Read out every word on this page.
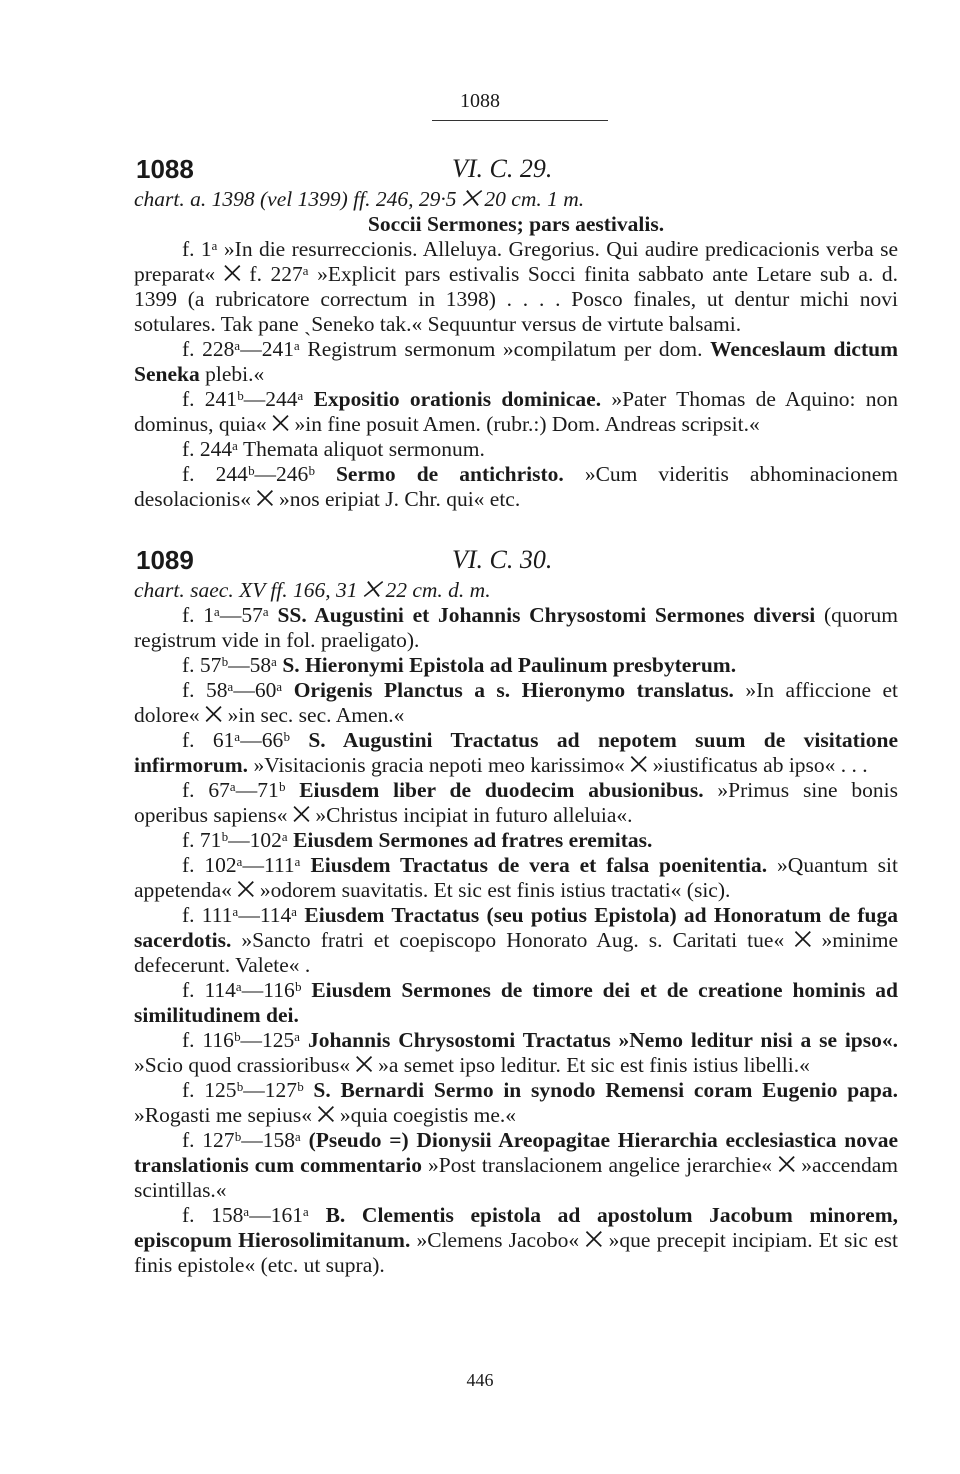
1088
1088	VI. C. 29.

chart. a. 1398 (vel 1399) ff. 246, 29·5 ⨉ 20 cm. 1 m.

Soccii Sermones; pars aestivalis.

f. 1ᵃ »In die resurreccionis. Alleluya. Gregorius. Qui audire predicacionis verba se preparat« ⨉ f. 227ᵃ »Explicit pars estivalis Socci finita sabbato ante Letare sub a. d. 1399 (a rubricatore correctum in 1398) . . . . Posco finales, ut dentur michi novi sotulares. Tak pane ˎSeneko tak.« Sequuntur versus de virtute balsami.

f. 228ᵃ—241ᵃ Registrum sermonum »compilatum per dom. Wenceslaum dictum Seneka plebi.«

f. 241ᵇ—244ᵃ Expositio orationis dominicae. »Pater Thomas de Aquino: non dominus, quia« ⨉ »in fine posuit Amen. (rubr.:) Dom. Andreas scripsit.«

f. 244ᵃ Themata aliquot sermonum.

f. 244ᵇ—246ᵇ Sermo de antichristo. »Cum videritis abhominacionem desolacionis« ⨉ »nos eripiat J. Chr. qui« etc.

1089	VI. C. 30.

chart. saec. XV ff. 166, 31 ⨉ 22 cm. d. m.

f. 1ᵃ—57ᵃ SS. Augustini et Johannis Chrysostomi Sermones diversi (quorum registrum vide in fol. praeligato).

f. 57ᵇ—58ᵃ S. Hieronymi Epistola ad Paulinum presbyterum.

f. 58ᵃ—60ᵃ Origenis Planctus a s. Hieronymo translatus. »In afficcione et dolore« ⨉ »in sec. sec. Amen.«

f. 61ᵃ—66ᵇ S. Augustini Tractatus ad nepotem suum de visitatione infirmorum. »Visitacionis gracia nepoti meo karissimo« ⨉ »iustificatus ab ipso« . . .

f. 67ᵃ—71ᵇ Eiusdem liber de duodecim abusionibus. »Primus sine bonis operibus sapiens« ⨉ »Christus incipiat in futuro alleluia«.

f. 71ᵇ—102ᵃ Eiusdem Sermones ad fratres eremitas.

f. 102ᵃ—111ᵃ Eiusdem Tractatus de vera et falsa poenitentia. »Quantum sit appetenda« ⨉ »odorem suavitatis. Et sic est finis istius tractati« (sic).

f. 111ᵃ—114ᵃ Eiusdem Tractatus (seu potius Epistola) ad Honoratum de fuga sacerdotis. »Sancto fratri et coepiscopo Honorato Aug. s. Caritati tue« ⨉ »minime defecerunt. Valete« .

f. 114ᵃ—116ᵇ Eiusdem Sermones de timore dei et de creatione hominis ad similitudinem dei.

f. 116ᵇ—125ᵃ Johannis Chrysostomi Tractatus »Nemo leditur nisi a se ipso«. »Scio quod crassioribus« ⨉ »a semet ipso leditur. Et sic est finis istius libelli.«

f. 125ᵇ—127ᵇ S. Bernardi Sermo in synodo Remensi coram Eugenio papa. »Rogasti me sepius« ⨉ »quia coegistis me.«

f. 127ᵇ—158ᵃ (Pseudo =) Dionysii Areopagitae Hierarchia ecclesiastica novae translationis cum commentario »Post translacionem angelice jerarchie« ⨉ »accendam scintillas.«

f. 158ᵃ—161ᵃ B. Clementis epistola ad apostolum Jacobum minorem, episcopum Hierosolimitanum. »Clemens Jacobo« ⨉ »que precepit incipiam. Et sic est finis epistole« (etc. ut supra).

446
